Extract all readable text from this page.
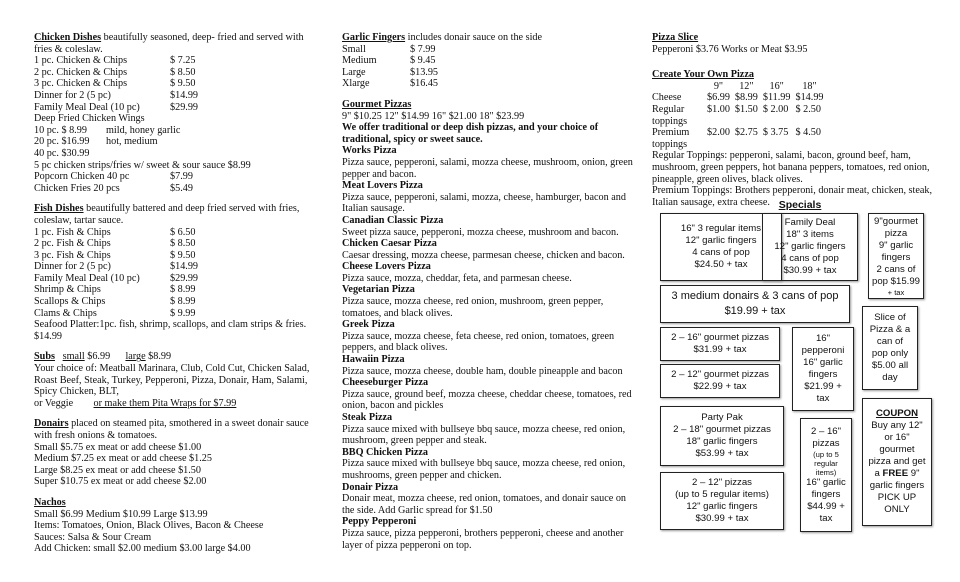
Chicken Dishes beautifully seasoned, deep- fried and served with fries & coleslaw.
1 pc. Chicken & Chips	$ 7.25
2 pc. Chicken & Chips	$ 8.50
3 pc. Chicken & Chips	$ 9.50
Dinner for 2 (5 pc)	$14.99
Family Meal Deal (10 pc)	$29.99
Deep Fried Chicken Wings
10 pc. $ 8.99	mild, honey garlic
20 pc. $16.99	hot, medium
40 pc. $30.99
5 pc chicken strips/fries w/ sweet & sour sauce $8.99
Popcorn Chicken 40 pc	$7.99
Chicken Fries 20 pcs	$5.49
Fish Dishes beautifully battered and deep fried served with fries, coleslaw, tartar sauce.
1 pc. Fish & Chips	$ 6.50
2 pc. Fish & Chips	$ 8.50
3 pc. Fish & Chips	$ 9.50
Dinner for 2 (5 pc)	$14.99
Family Meal Deal (10 pc)	$29.99
Shrimp & Chips	$ 8.99
Scallops & Chips	$ 8.99
Clams & Chips	$ 9.99
Seafood Platter:1pc. fish, shrimp, scallops, and clam strips & fries. $14.99
Subs small $6.99 large $8.99
Your choice of: Meatball Marinara, Club, Cold Cut, Chicken Salad, Roast Beef, Steak, Turkey, Pepperoni, Pizza, Donair, Ham, Salami, Spicy Chicken, BLT,
or Veggie or make them Pita Wraps for $7.99
Donairs placed on steamed pita, smothered in a sweet donair sauce with fresh onions & tomatoes.
Small $5.75 ex meat or add cheese $1.00
Medium $7.25 ex meat or add cheese $1.25
Large $8.25 ex meat or add cheese $1.50
Super $10.75 ex meat or add cheese $2.00
Nachos
Small $6.99 Medium $10.99 Large $13.99
Items: Tomatoes, Onion, Black Olives, Bacon & Cheese
Sauces: Salsa & Sour Cream
Add Chicken: small $2.00 medium $3.00 large $4.00
Garlic Fingers includes donair sauce on the side
Small	$ 7.99
Medium	$ 9.45
Large	$13.95
Xlarge	$16.45
Gourmet Pizzas
9" $10.25 12" $14.99 16" $21.00 18" $23.99
We offer traditional or deep dish pizzas, and your choice of traditional, spicy or sweet sauce.
Works Pizza
Pizza sauce, pepperoni, salami, mozza cheese, mushroom, onion, green pepper and bacon.
Meat Lovers Pizza
Pizza sauce, pepperoni, salami, mozza, cheese, hamburger, bacon and Italian sausage.
Canadian Classic Pizza
Sweet pizza sauce, pepperoni, mozza cheese, mushroom and bacon.
Chicken Caesar Pizza
Caesar dressing, mozza cheese, parmesan cheese, chicken and bacon.
Cheese Lovers Pizza
Pizza sauce, mozza, cheddar, feta, and parmesan cheese.
Vegetarian Pizza
Pizza sauce, mozza cheese, red onion, mushroom, green pepper, tomatoes, and black olives.
Greek Pizza
Pizza sauce, mozza cheese, feta cheese, red onion, tomatoes, green peppers, and black olives.
Hawaiin Pizza
Pizza sauce, mozza cheese, double ham, double pineapple and bacon
Cheeseburger Pizza
Pizza sauce, ground beef, mozza cheese, cheddar cheese, tomatoes, red onion, bacon and pickles
Steak Pizza
Pizza sauce mixed with bullseye bbq sauce, mozza cheese, red onion, mushroom, green pepper and steak.
BBQ Chicken Pizza
Pizza sauce mixed with bullseye bbq sauce, mozza cheese, red onion, mushrooms, green pepper and chicken.
Donair Pizza
Donair meat, mozza cheese, red onion, tomatoes, and donair sauce on the side. Add Garlic spread for $1.50
Peppy Pepperoni
Pizza sauce, pizza pepperoni, brothers pepperoni, cheese and another layer of pizza pepperoni on top.
Pizza Slice
Pepperoni $3.76 Works or Meat $3.95
Create Your Own Pizza
	9"	12"	16"	18"
Cheese	$6.99	$8.99	$11.99	$14.99
Regular toppings	$1.00	$1.50	$ 2.00	$ 2.50
Premium toppings	$2.00	$2.75	$ 3.75	$ 4.50
Regular Toppings: pepperoni, salami, bacon, ground beef, ham, mushroom, green peppers, hot banana peppers, tomatoes, red onion, pineapple, green olives, black olives.
Premium Toppings: Brothers pepperoni, donair meat, chicken, steak, Italian sausage, extra cheese. Specials
16" 3 regular items
12" garlic fingers
4 cans of pop
$24.50 + tax
Family Deal
18" 3 items
12" garlic fingers
4 cans of pop
$30.99 + tax
9"gourmet
pizza
9" garlic
fingers
2 cans of
pop $15.99
+ tax
3 medium donairs & 3 cans of pop
$19.99 + tax
Slice of
Pizza & a
can of
pop only
$5.00 all
day
2 – 16" gourmet pizzas
$31.99 + tax
16"
pepperoni
16" garlic
fingers
$21.99 +
tax
2 – 12" gourmet pizzas
$22.99 + tax
Party Pak
2 – 18" gourmet pizzas
18" garlic fingers
$53.99 + tax
2 – 16"
pizzas
(up to 5
regular
items)
16" garlic
fingers
$44.99 +
tax
2 – 12" pizzas
(up to 5 regular items)
12" garlic fingers
$30.99 + tax
COUPON
Buy any 12"
or 16"
gourmet
pizza and get
a FREE 9"
garlic fingers
PICK UP
ONLY
